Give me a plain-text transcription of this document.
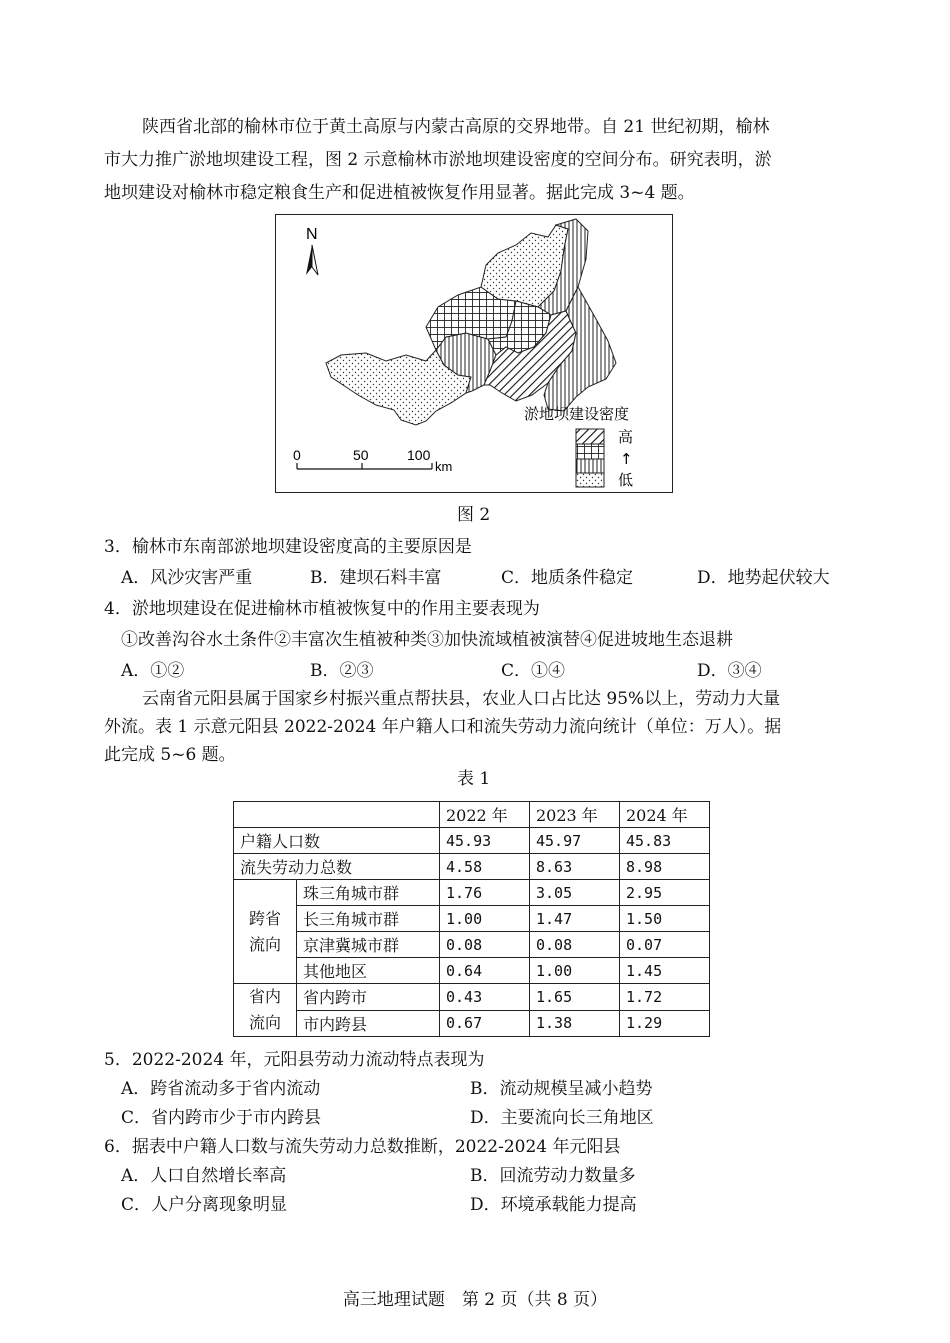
陕西省北部的榆林市位于黄土高原与内蒙古高原的交界地带。自 21 世纪初期，榆林
市大力推广淤地坝建设工程，图 2 示意榆林市淤地坝建设密度的空间分布。研究表明，淤
地坝建设对榆林市稳定粮食生产和促进植被恢复作用显著。据此完成 3~4 题。
N
淤地坝建设密度
高
↑
低
0	50	100
km
图 2
3．榆林市东南部淤地坝建设密度高的主要原因是
A．风沙灾害严重	B．建坝石料丰富	C．地质条件稳定	D．地势起伏较大
4．淤地坝建设在促进榆林市植被恢复中的作用主要表现为
①改善沟谷水土条件②丰富次生植被种类③加快流域植被演替④促进坡地生态退耕
A．①②	B．②③	C．①④	D．③④
云南省元阳县属于国家乡村振兴重点帮扶县，农业人口占比达 95%以上，劳动力大量
外流。表 1 示意元阳县 2022-2024 年户籍人口和流失劳动力流向统计（单位：万人）。据
此完成 5~6 题。
表 1
		2022 年	2023 年	2024 年
户籍人口数		45.93	45.97	45.83
流失劳动力总数		4.58	8.63	8.98
跨省
流向	珠三角城市群	1.76	3.05	2.95
	长三角城市群	1.00	1.47	1.50
	京津冀城市群	0.08	0.08	0.07
	其他地区	0.64	1.00	1.45
省内
流向	省内跨市	0.43	1.65	1.72
	市内跨县	0.67	1.38	1.29
5．2022-2024 年，元阳县劳动力流动特点表现为
A．跨省流动多于省内流动	B．流动规模呈减小趋势
C．省内跨市少于市内跨县	D．主要流向长三角地区
6．据表中户籍人口数与流失劳动力总数推断，2022-2024 年元阳县
A．人口自然增长率高	B．回流劳动力数量多
C．人户分离现象明显	D．环境承载能力提高
高三地理试题　第 2 页（共 8 页）
